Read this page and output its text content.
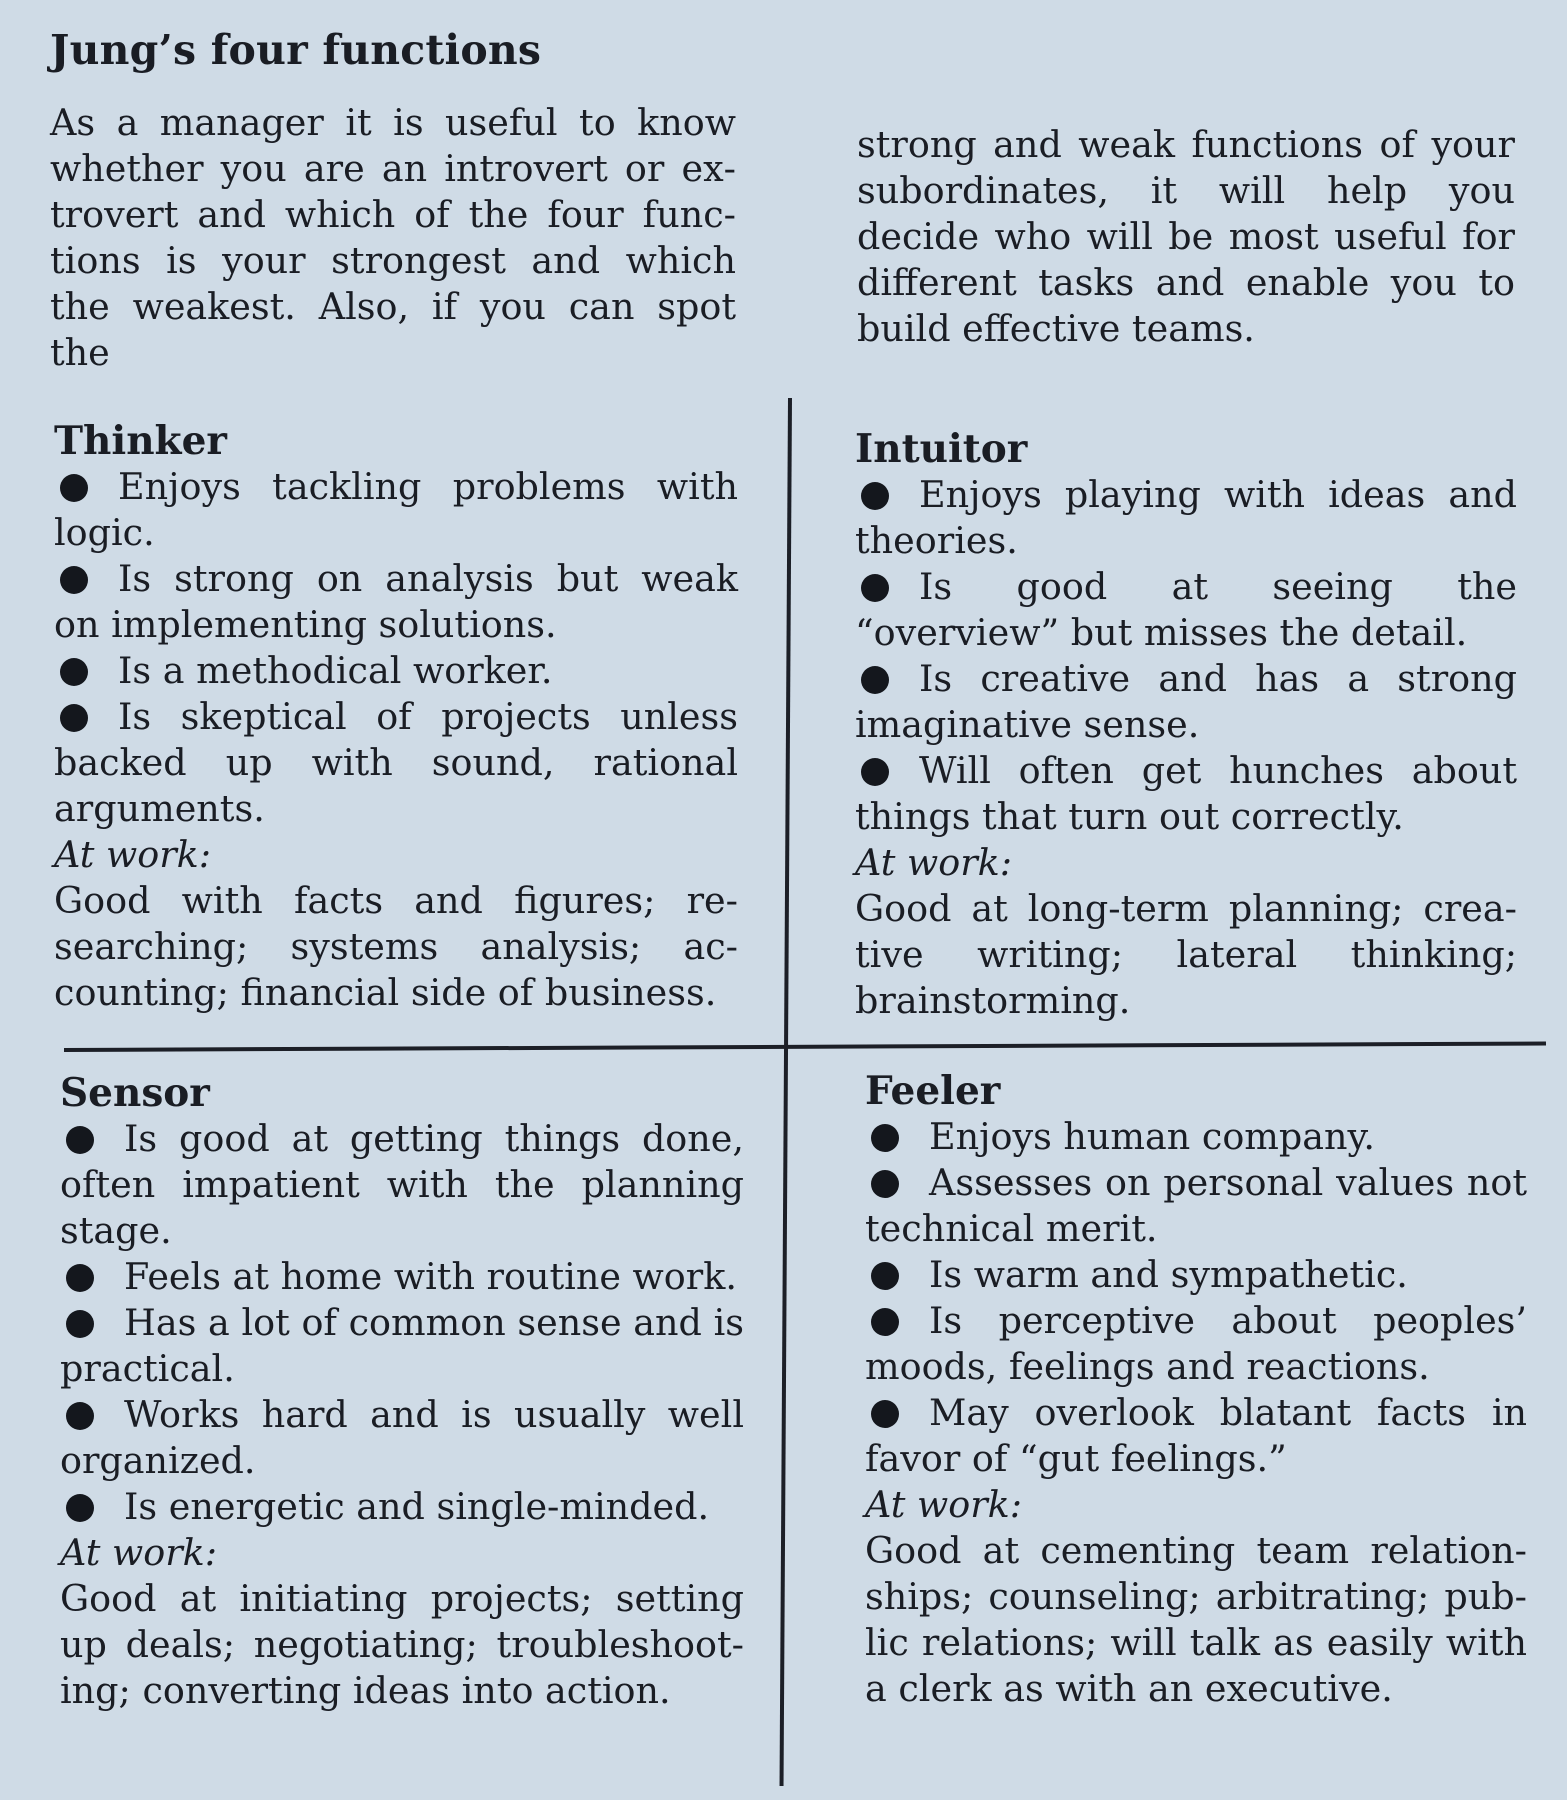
Jung’s four functions
As a manager it is useful to know whether you are an introvert or extrovert and which of the four functions is your strongest and which the weakest. Also, if you can spot the
strong and weak functions of your subordinates, it will help you decide who will be most useful for different tasks and enable you to build effective teams.
Thinker
Enjoys tackling problems with logic.
Is strong on analysis but weak on implementing solutions.
Is a methodical worker.
Is skeptical of projects unless backed up with sound, rational arguments.
At work:
Good with facts and figures; researching; systems analysis; accounting; financial side of business.
Intuitor
Enjoys playing with ideas and theories.
Is good at seeing the “overview” but misses the detail.
Is creative and has a strong imaginative sense.
Will often get hunches about things that turn out correctly.
At work:
Good at long-term planning; creative writing; lateral thinking; brainstorming.
Sensor
Is good at getting things done, often impatient with the planning stage.
Feels at home with routine work.
Has a lot of common sense and is practical.
Works hard and is usually well organized.
Is energetic and single-minded.
At work:
Good at initiating projects; setting up deals; negotiating; troubleshooting; converting ideas into action.
Feeler
Enjoys human company.
Assesses on personal values not technical merit.
Is warm and sympathetic.
Is perceptive about peoples’ moods, feelings and reactions.
May overlook blatant facts in favor of “gut feelings.”
At work:
Good at cementing team relationships; counseling; arbitrating; public relations; will talk as easily with a clerk as with an executive.
